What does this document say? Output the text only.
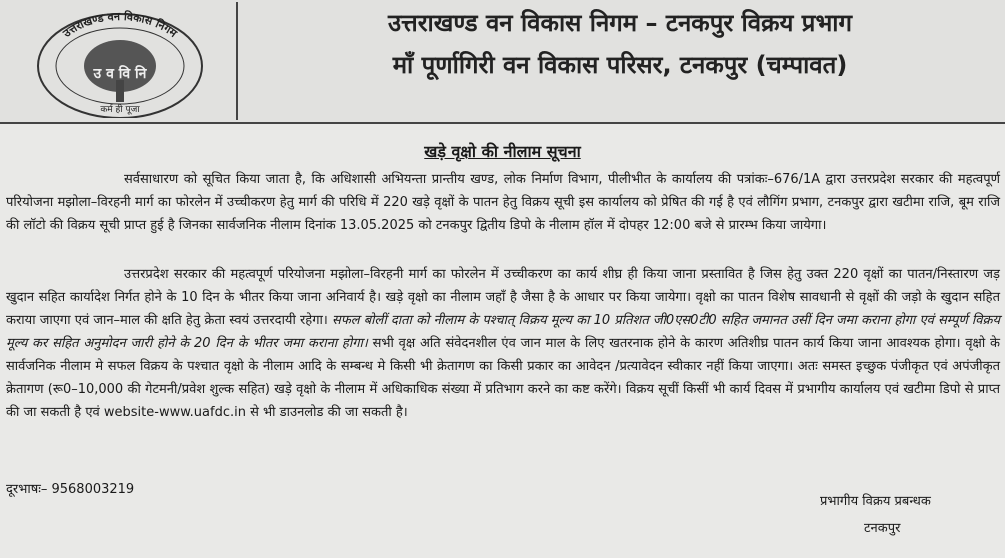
उत्तराखण्ड वन विकास निगम
उ व वि नि
कर्म ही पूजा
उत्तराखण्ड वन विकास निगम – टनकपुर विक्रय प्रभाग
माँ पूर्णागिरी वन विकास परिसर, टनकपुर (चम्पावत)
खड़े वृक्षो की नीलाम सूचना
सर्वसाधारण को सूचित किया जाता है, कि अधिशासी अभियन्ता प्रान्तीय खण्ड, लोक निर्माण विभाग, पीलीभीत के कार्यालय की पत्रांकः–676/1A द्वारा उत्तरप्रदेश सरकार की महत्वपूर्ण परियोजना मझोला–विरहनी मार्ग का फोरलेन में उच्चीकरण हेतु मार्ग की परिधि में 220 खड़े वृक्षों के पातन हेतु विक्रय सूची इस कार्यालय को प्रेषित की गई है एवं लौगिंग प्रभाग, टनकपुर द्वारा खटीमा राजि, बूम राजि की लॉटो की विक्रय सूची प्राप्त हुई है जिनका सार्वजनिक नीलाम दिनांक 13.05.2025 को टनकपुर द्वितीय डिपो के नीलाम हॉल में दोपहर 12:00 बजे से प्रारम्भ किया जायेगा।
उत्तरप्रदेश सरकार की महत्वपूर्ण परियोजना मझोला–विरहनी मार्ग का फोरलेन में उच्चीकरण का कार्य शीघ्र ही किया जाना प्रस्तावित है जिस हेतु उक्त 220 वृक्षों का पातन/निस्तारण जड़ खुदान सहित कार्यादेश निर्गत होने के 10 दिन के भीतर किया जाना अनिवार्य है। खड़े वृक्षो का नीलाम जहाँ है जैसा है के आधार पर किया जायेगा। वृक्षो का पातन विशेष सावधानी से वृक्षों की जड़ो के खुदान सहित कराया जाएगा एवं जान–माल की क्षति हेतु क्रेता स्वयं उत्तरदायी रहेगा। सफल बोलीं दाता को नीलाम के पश्चात् विक्रय मूल्य का 10 प्रतिशत जी0एस0टी0 सहित जमानत उसीं दिन जमा कराना होगा एवं सम्पूर्ण विक्रय मूल्य कर सहित अनुमोदन जारी होने के 20 दिन के भीतर जमा कराना होगा। सभी वृक्ष अति संवेदनशील एंव जान माल के लिए खतरनाक होने के कारण अतिशीघ्र पातन कार्य किया जाना आवश्यक होगा। वृक्षो के सार्वजनिक नीलाम मे सफल विक्रय के पश्चात वृक्षो के नीलाम आदि के सम्बन्ध मे किसी भी क्रेतागण का किसी प्रकार का आवेदन /प्रत्यावेदन स्वीकार नहीं किया जाएगा। अतः समस्त इच्छुक पंजीकृत एवं अपंजीकृत क्रेतागण (रू0–10,000 की गेटमनी/प्रवेश शुल्क सहित) खड़े वृक्षो के नीलाम में अधिकाधिक संख्या में प्रतिभाग करने का कष्ट करेंगे। विक्रय सूचीं किसीं भी कार्य दिवस में प्रभागीय कार्यालय एवं खटीमा डिपो से प्राप्त की जा सकती है एवं website-www.uafdc.in से भी डाउनलोड की जा सकती है।
दूरभाषः– 9568003219
प्रभागीय विक्रय प्रबन्धक
टनकपुर
